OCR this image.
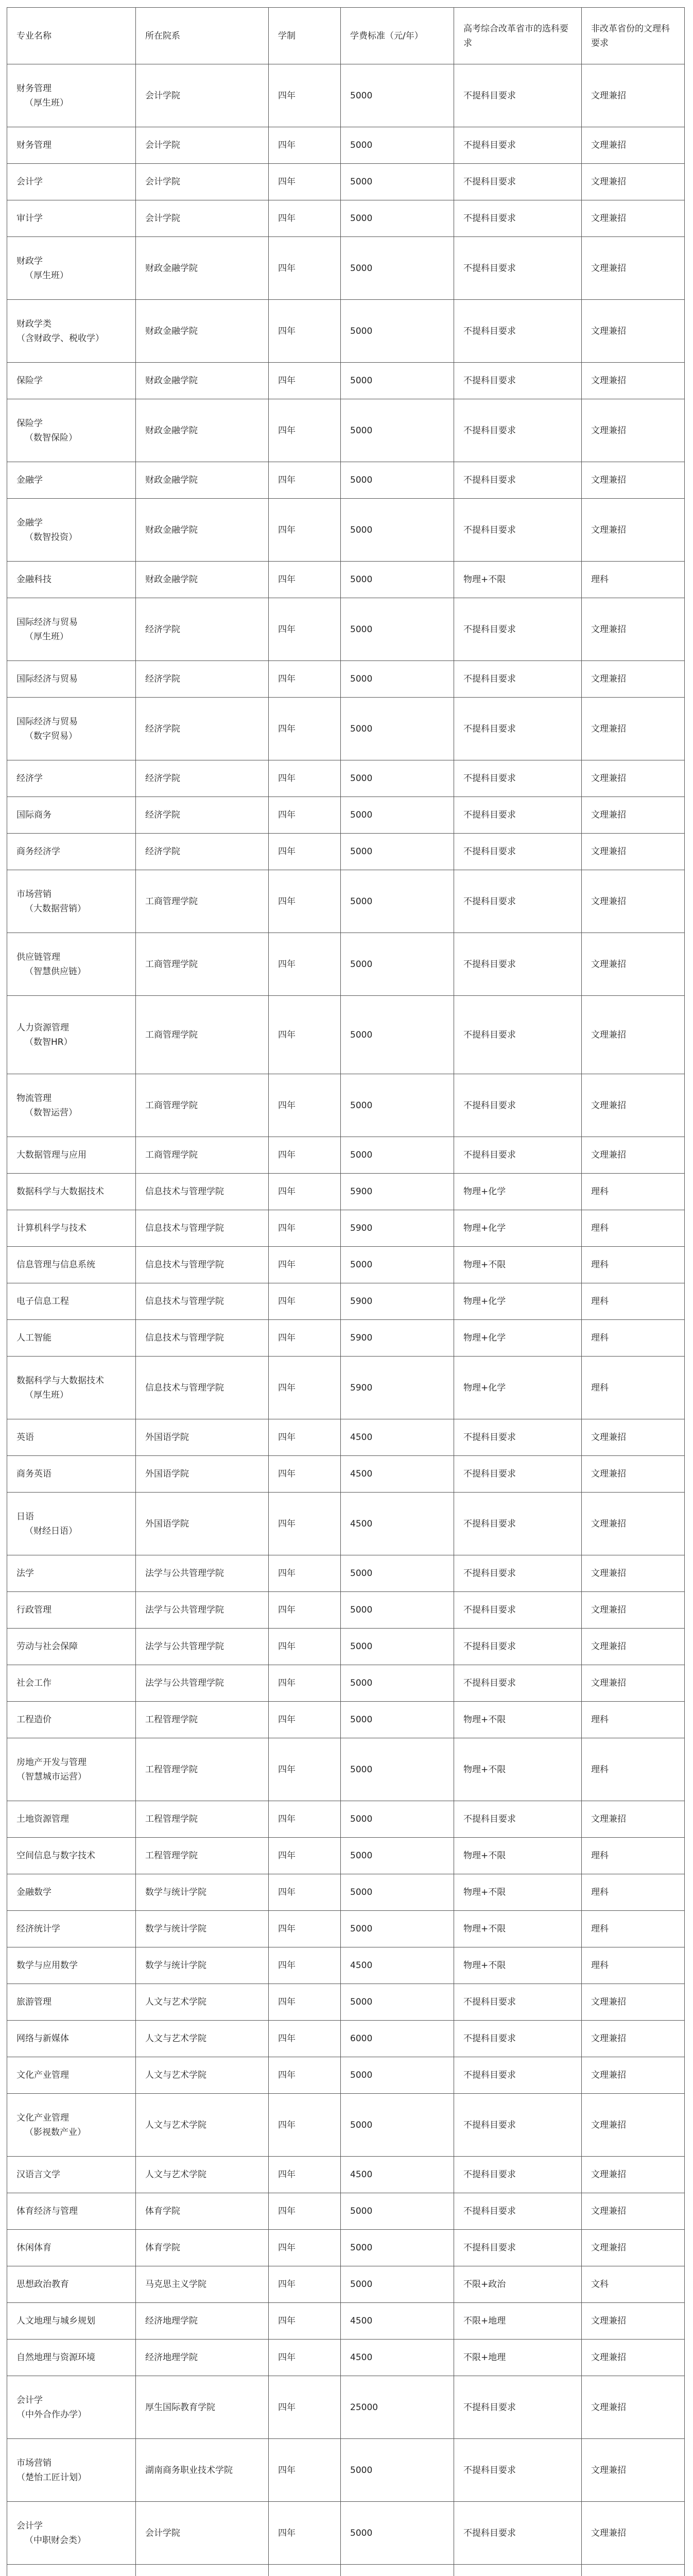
专业名称	所在院系	学制	学费标准（元/年）	高考综合改革省市的选科要求	非改革省份的文理科要求

财务管理
（厚生班）	会计学院	四年	5000	不提科目要求	文理兼招

财务管理	会计学院	四年	5000	不提科目要求	文理兼招

会计学	会计学院	四年	5000	不提科目要求	文理兼招

审计学	会计学院	四年	5000	不提科目要求	文理兼招

财政学
（厚生班）	财政金融学院	四年	5000	不提科目要求	文理兼招

财政学类
（含财政学、税收学）	财政金融学院	四年	5000	不提科目要求	文理兼招

保险学	财政金融学院	四年	5000	不提科目要求	文理兼招

保险学
（数智保险）	财政金融学院	四年	5000	不提科目要求	文理兼招

金融学	财政金融学院	四年	5000	不提科目要求	文理兼招

金融学
（数智投资）	财政金融学院	四年	5000	不提科目要求	文理兼招

金融科技	财政金融学院	四年	5000	物理+不限	理科

国际经济与贸易
（厚生班）	经济学院	四年	5000	不提科目要求	文理兼招

国际经济与贸易	经济学院	四年	5000	不提科目要求	文理兼招

国际经济与贸易
（数字贸易）	经济学院	四年	5000	不提科目要求	文理兼招

经济学	经济学院	四年	5000	不提科目要求	文理兼招

国际商务	经济学院	四年	5000	不提科目要求	文理兼招

商务经济学	经济学院	四年	5000	不提科目要求	文理兼招

市场营销
（大数据营销）	工商管理学院	四年	5000	不提科目要求	文理兼招

供应链管理
（智慧供应链）	工商管理学院	四年	5000	不提科目要求	文理兼招

人力资源管理
（数智HR）	工商管理学院	四年	5000	不提科目要求	文理兼招

物流管理
（数智运营）	工商管理学院	四年	5000	不提科目要求	文理兼招

大数据管理与应用	工商管理学院	四年	5000	不提科目要求	文理兼招

数据科学与大数据技术	信息技术与管理学院	四年	5900	物理+化学	理科

计算机科学与技术	信息技术与管理学院	四年	5900	物理+化学	理科

信息管理与信息系统	信息技术与管理学院	四年	5000	物理+不限	理科

电子信息工程	信息技术与管理学院	四年	5900	物理+化学	理科

人工智能	信息技术与管理学院	四年	5900	物理+化学	理科

数据科学与大数据技术
（厚生班）	信息技术与管理学院	四年	5900	物理+化学	理科

英语	外国语学院	四年	4500	不提科目要求	文理兼招

商务英语	外国语学院	四年	4500	不提科目要求	文理兼招

日语
（财经日语）	外国语学院	四年	4500	不提科目要求	文理兼招

法学	法学与公共管理学院	四年	5000	不提科目要求	文理兼招

行政管理	法学与公共管理学院	四年	5000	不提科目要求	文理兼招

劳动与社会保障	法学与公共管理学院	四年	5000	不提科目要求	文理兼招

社会工作	法学与公共管理学院	四年	5000	不提科目要求	文理兼招

工程造价	工程管理学院	四年	5000	物理+不限	理科

房地产开发与管理
（智慧城市运营）	工程管理学院	四年	5000	物理+不限	理科

土地资源管理	工程管理学院	四年	5000	不提科目要求	文理兼招

空间信息与数字技术	工程管理学院	四年	5000	物理+不限	理科

金融数学	数学与统计学院	四年	5000	物理+不限	理科

经济统计学	数学与统计学院	四年	5000	物理+不限	理科

数学与应用数学	数学与统计学院	四年	4500	物理+不限	理科

旅游管理	人文与艺术学院	四年	5000	不提科目要求	文理兼招

网络与新媒体	人文与艺术学院	四年	6000	不提科目要求	文理兼招

文化产业管理	人文与艺术学院	四年	5000	不提科目要求	文理兼招

文化产业管理
（影视数产业）	人文与艺术学院	四年	5000	不提科目要求	文理兼招

汉语言文学	人文与艺术学院	四年	4500	不提科目要求	文理兼招

体育经济与管理	体育学院	四年	5000	不提科目要求	文理兼招

休闲体育	体育学院	四年	5000	不提科目要求	文理兼招

思想政治教育	马克思主义学院	四年	5000	不限+政治	文科

人文地理与城乡规划	经济地理学院	四年	4500	不限+地理	文理兼招

自然地理与资源环境	经济地理学院	四年	4500	不限+地理	文理兼招

会计学
（中外合作办学）	厚生国际教育学院	四年	25000	不提科目要求	文理兼招

市场营销
（楚怡工匠计划）	湖南商务职业技术学院	四年	5000	不提科目要求	文理兼招

会计学
（中职财会类）	会计学院	四年	5000	不提科目要求	文理兼招
